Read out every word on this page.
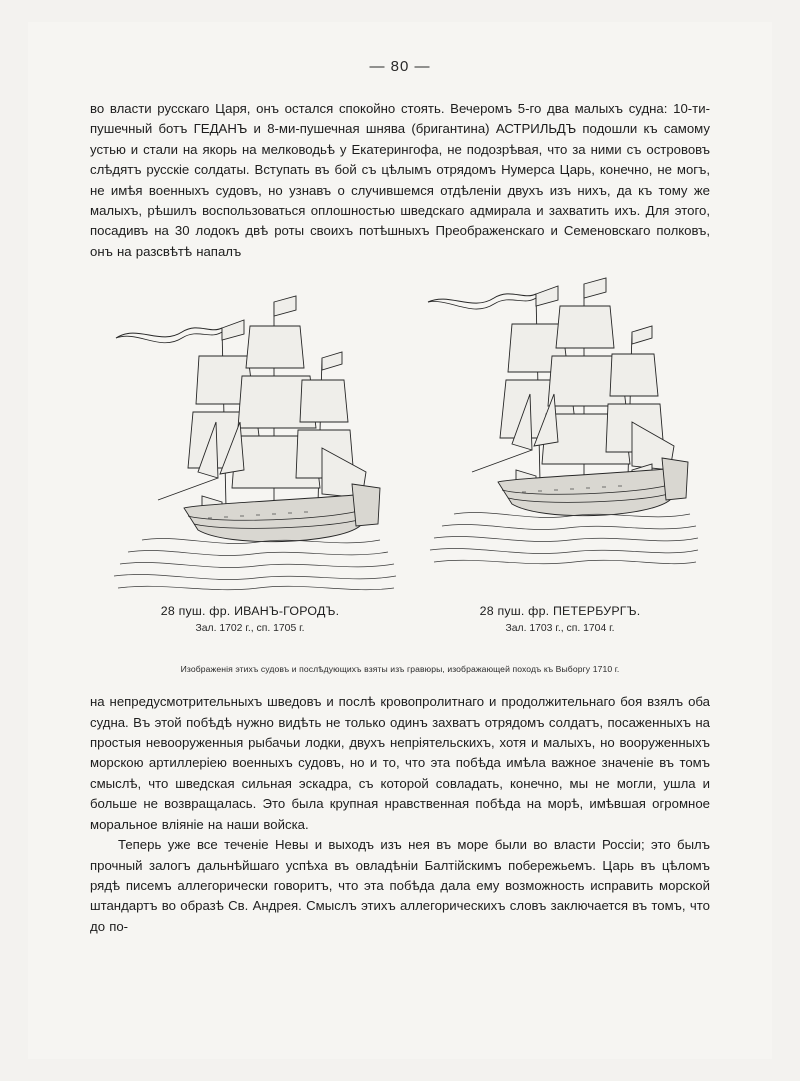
— 80 —

во власти русскаго Царя, онъ остался спокойно стоять. Вечеромъ 5-го два малыхъ судна: 10-ти-пушечный ботъ ГЕДАНЪ и 8-ми-пушечная шнява (бригантина) АСТРИЛЬДЪ подошли къ самому устью и стали на якорь на мелководьѣ у Екатерингофа, не подозрѣвая, что за ними съ острововъ слѣдятъ русскіе солдаты. Вступать въ бой съ цѣлымъ отрядомъ Нумерса Царь, конечно, не могъ, не имѣя военныхъ судовъ, но узнавъ о случившемся отдѣленіи двухъ изъ нихъ, да къ тому же малыхъ, рѣшилъ воспользоваться оплошностью шведскаго адмирала и захватить ихъ. Для этого, посадивъ на 30 лодокъ двѣ роты своихъ потѣшныхъ Преображенскаго и Семеновскаго полковъ, онъ на разсвѣтѣ напалъ

28 пуш. фр. ИВАНЪ-ГОРОДЪ.
Зал. 1702 г., сп. 1705 г.
28 пуш. фр. ПЕТЕРБУРГЪ.
Зал. 1703 г., сп. 1704 г.
Изображенія этихъ судовъ и послѣдующихъ взяты изъ гравюры, изображающей походъ къ Выборгу 1710 г.

на непредусмотрительныхъ шведовъ и послѣ кровопролитнаго и продолжительнаго боя взялъ оба судна. Въ этой побѣдѣ нужно видѣть не только одинъ захватъ отрядомъ солдатъ, посаженныхъ на простыя невооруженныя рыбачьи лодки, двухъ непріятельскихъ, хотя и малыхъ, но вооруженныхъ морскою артиллеріею военныхъ судовъ, но и то, что эта побѣда имѣла важное значеніе въ томъ смыслѣ, что шведская сильная эскадра, съ которой совладать, конечно, мы не могли, ушла и больше не возвращалась. Это была крупная нравственная побѣда на морѣ, имѣвшая огромное моральное вліяніе на наши войска.

Теперь уже все теченіе Невы и выходъ изъ нея въ море были во власти Россіи; это былъ прочный залогъ дальнѣйшаго успѣха въ овладѣніи Балтійскимъ побережьемъ. Царь въ цѣломъ рядѣ писемъ аллегорически говоритъ, что эта побѣда дала ему возможность исправить морской штандартъ во образѣ Св. Андрея. Смыслъ этихъ аллегорическихъ словъ заключается въ томъ, что до по-
